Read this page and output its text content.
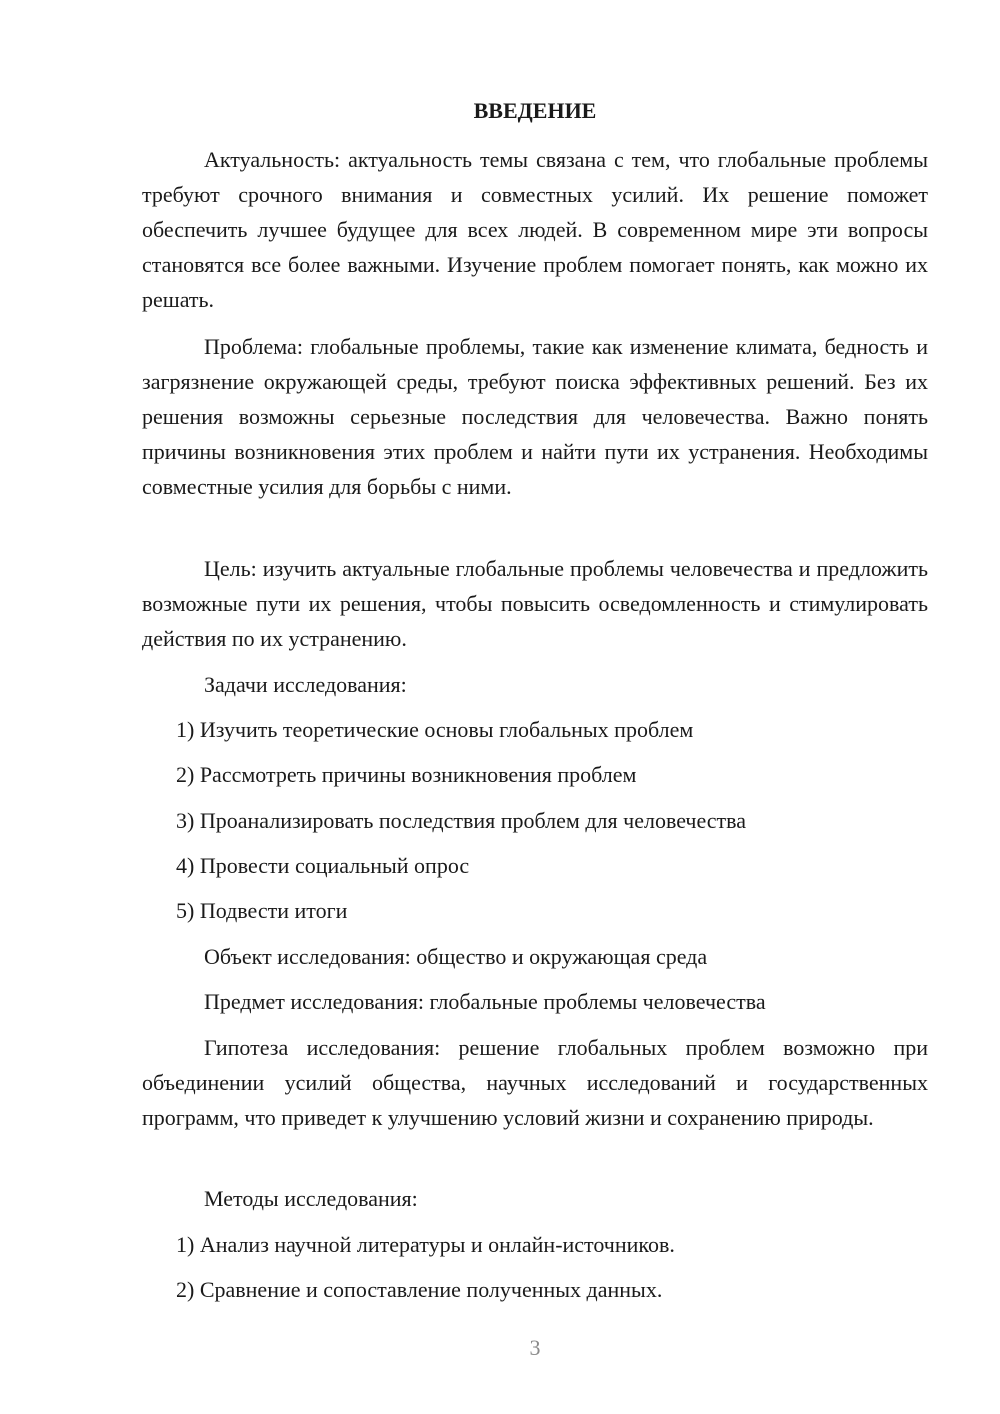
ВВЕДЕНИЕ

Актуальность: актуальность темы связана с тем, что глобальные проблемы требуют срочного внимания и совместных усилий. Их решение поможет обеспечить лучшее будущее для всех людей. В современном мире эти вопросы становятся все более важными. Изучение проблем помогает понять, как можно их решать.

Проблема: глобальные проблемы, такие как изменение климата, бедность и загрязнение окружающей среды, требуют поиска эффективных решений. Без их решения возможны серьезные последствия для человечества. Важно понять причины возникновения этих проблем и найти пути их устранения. Необходимы совместные усилия для борьбы с ними.

Цель: изучить актуальные глобальные проблемы человечества и предложить возможные пути их решения, чтобы повысить осведомленность и стимулировать действия по их устранению.

Задачи исследования:

1) Изучить теоретические основы глобальных проблем

2) Рассмотреть причины возникновения проблем

3) Проанализировать последствия проблем для человечества

4) Провести социальный опрос

5) Подвести итоги

Объект исследования: общество и окружающая среда

Предмет исследования: глобальные проблемы человечества

Гипотеза исследования: решение глобальных проблем возможно при объединении усилий общества, научных исследований и государственных программ, что приведет к улучшению условий жизни и сохранению природы.

Методы исследования:

1) Анализ научной литературы и онлайн-источников.

2) Сравнение и сопоставление полученных данных.

3
